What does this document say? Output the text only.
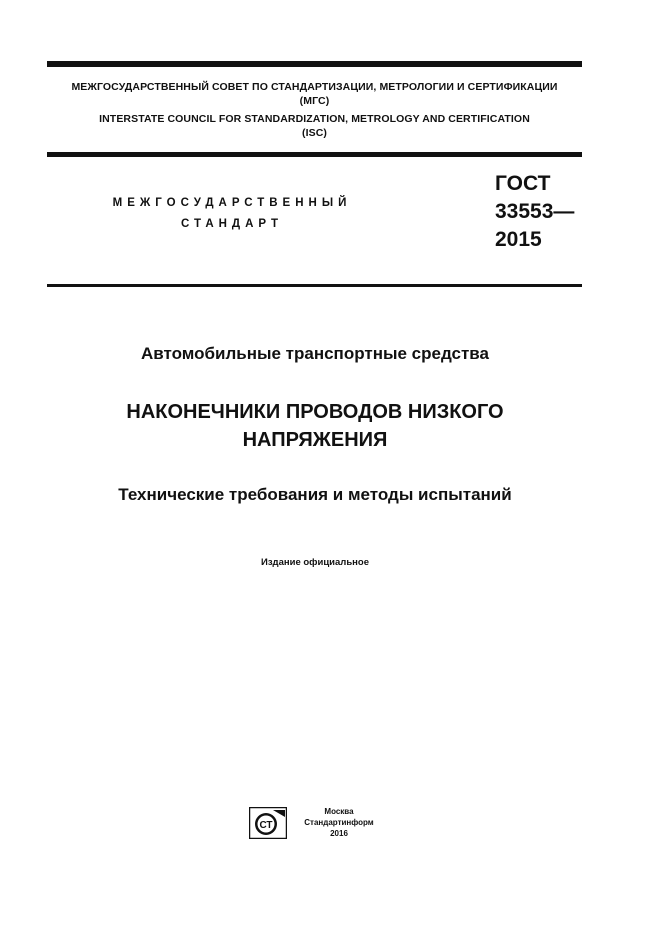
МЕЖГОСУДАРСТВЕННЫЙ СОВЕТ ПО СТАНДАРТИЗАЦИИ, МЕТРОЛОГИИ И СЕРТИФИКАЦИИ
(МГС)
INTERSTATE COUNCIL FOR STANDARDIZATION, METROLOGY AND CERTIFICATION
(ISC)
МЕЖГОСУДАРСТВЕННЫЙ
СТАНДАРТ
ГОСТ
33553—
2015
Автомобильные транспортные средства
НАКОНЕЧНИКИ ПРОВОДОВ НИЗКОГО
НАПРЯЖЕНИЯ
Технические требования и методы испытаний
Издание официальное
СТ
Москва
Стандартинформ
2016
